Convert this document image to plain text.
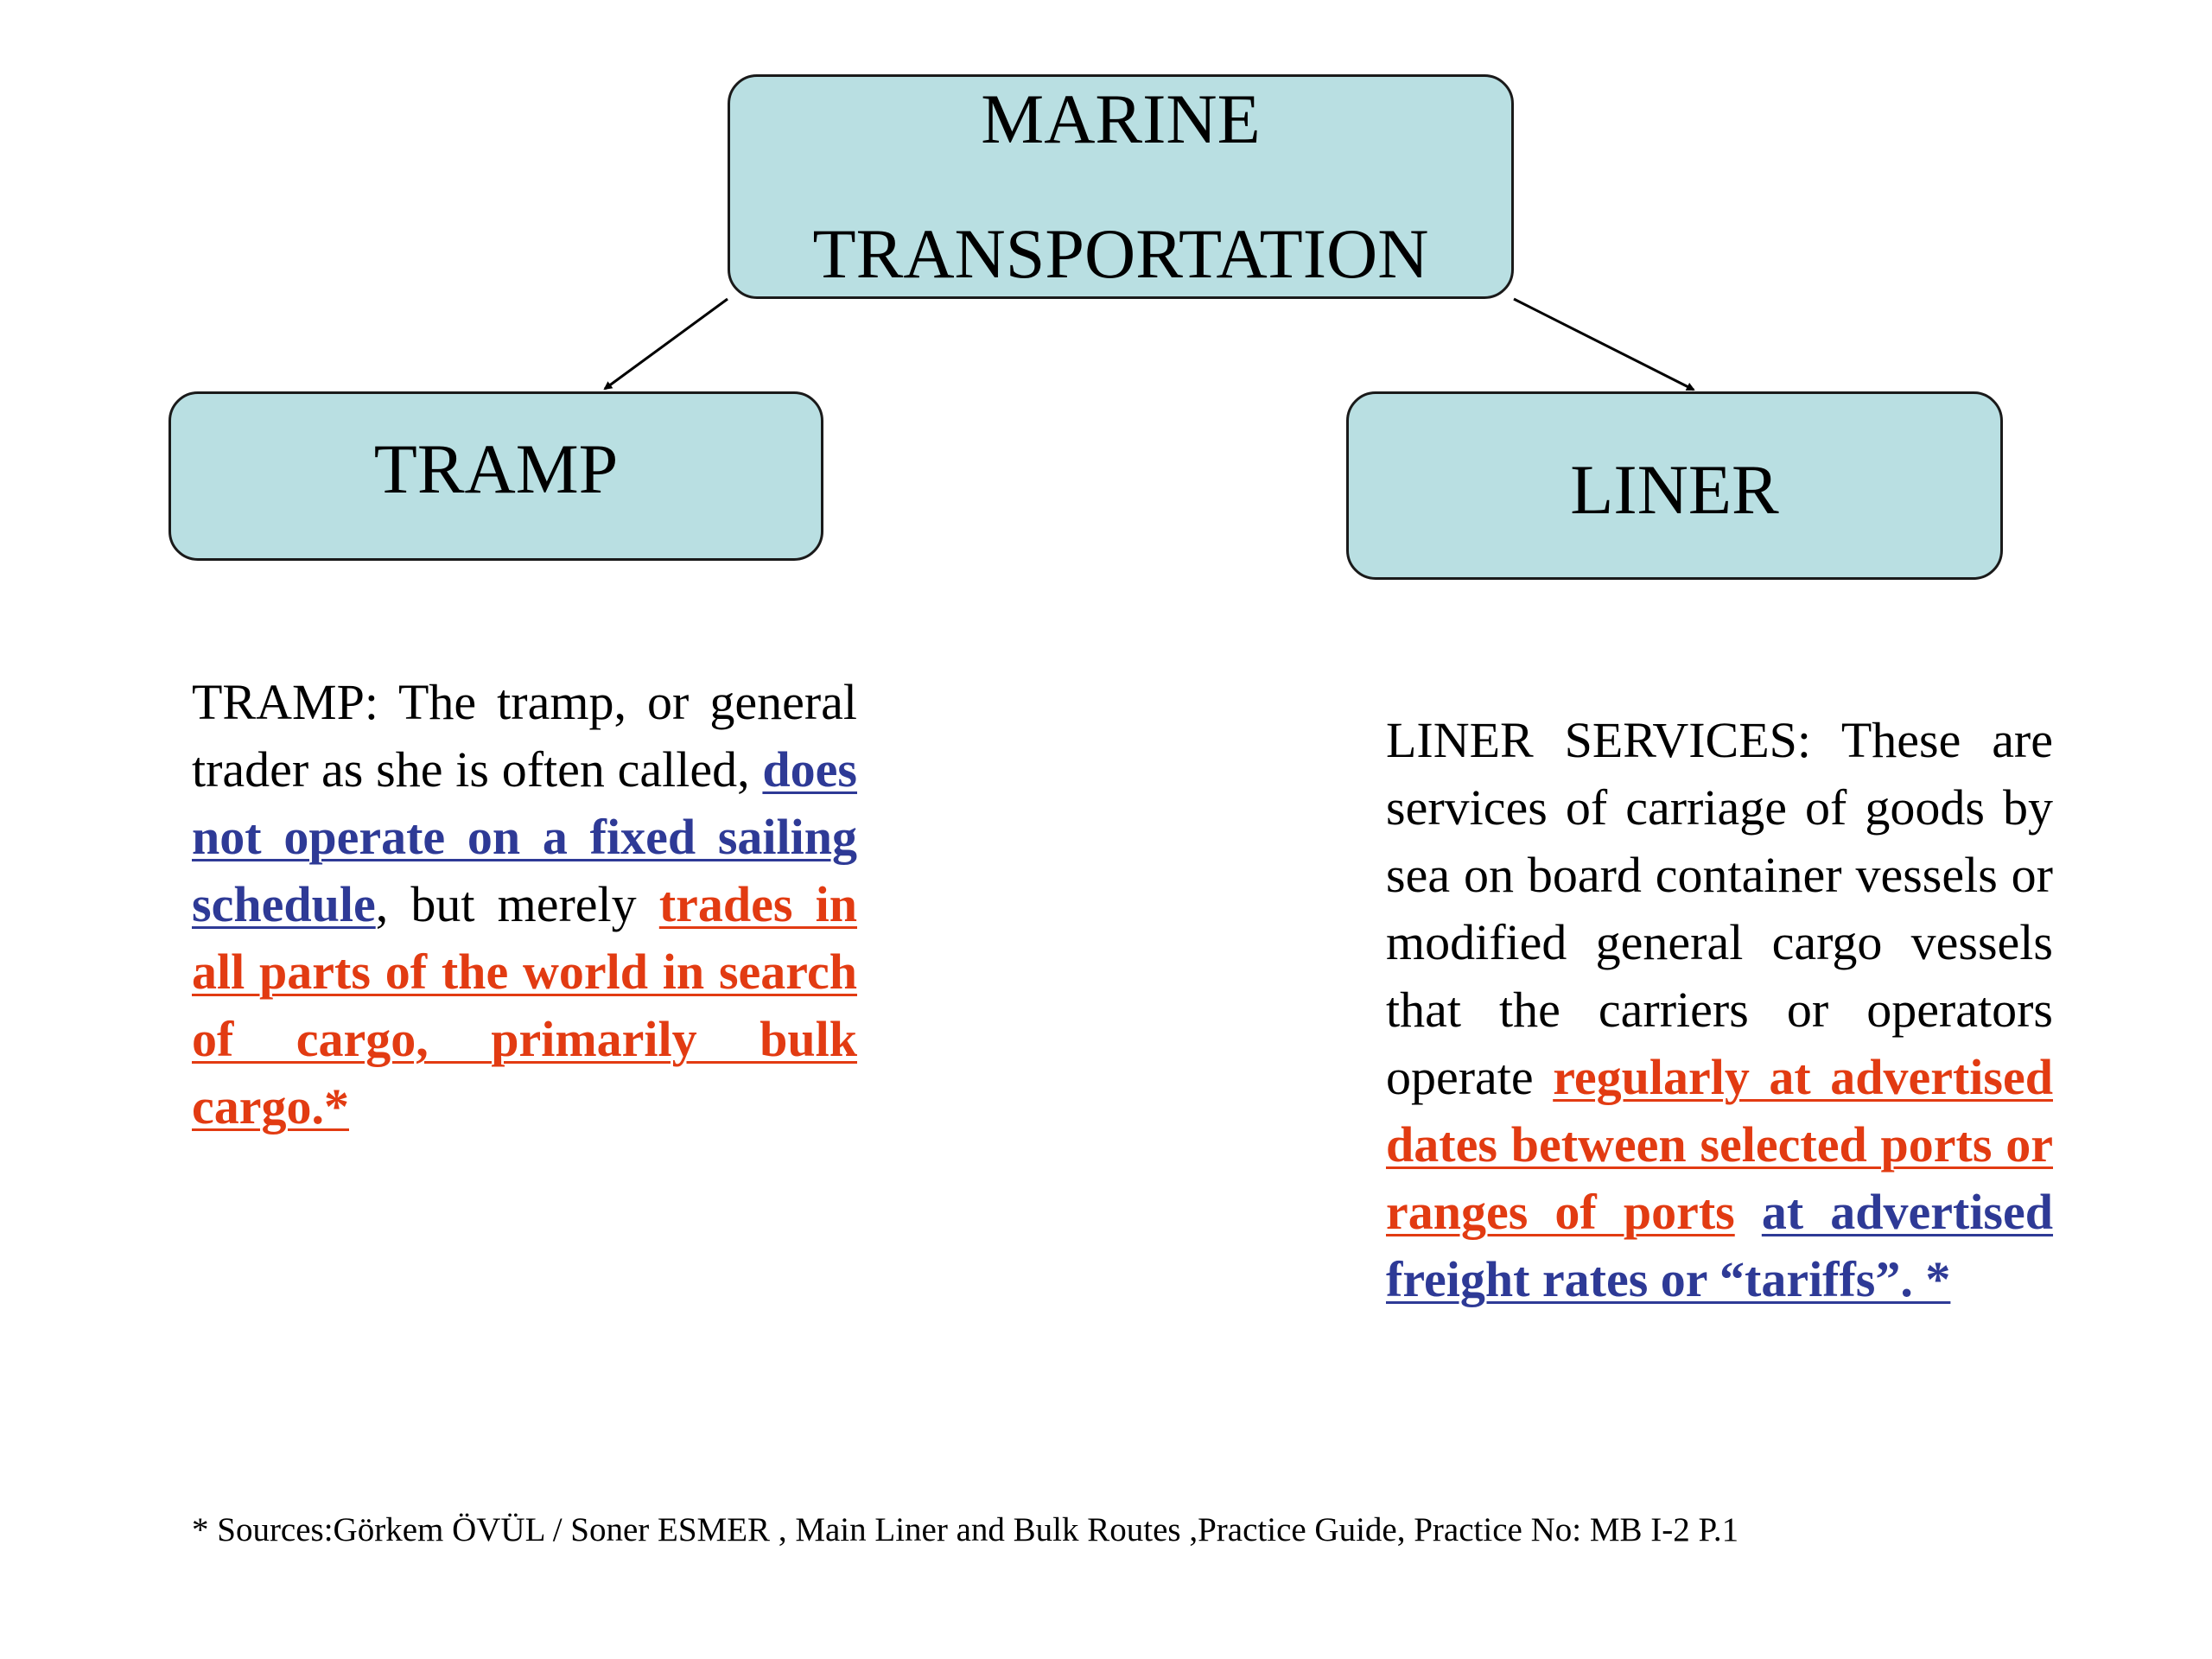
MARINE
TRANSPORTATION
TRAMP	LINER
TRAMP: The tramp, or general trader as she is often called, does not operate on a fixed sailing schedule, but merely trades in all parts of the world in search of cargo, primarily bulk cargo.*
LINER SERVICES: These are services of carriage of goods by sea on board container vessels or modified general cargo vessels that the carriers or operators operate regularly at advertised dates between selected ports or ranges of ports at advertised freight rates or “tariffs”. *
* Sources:Görkem ÖVÜL / Soner ESMER , Main Liner and Bulk Routes ,Practice Guide, Practice No: MB I-2 P.1
